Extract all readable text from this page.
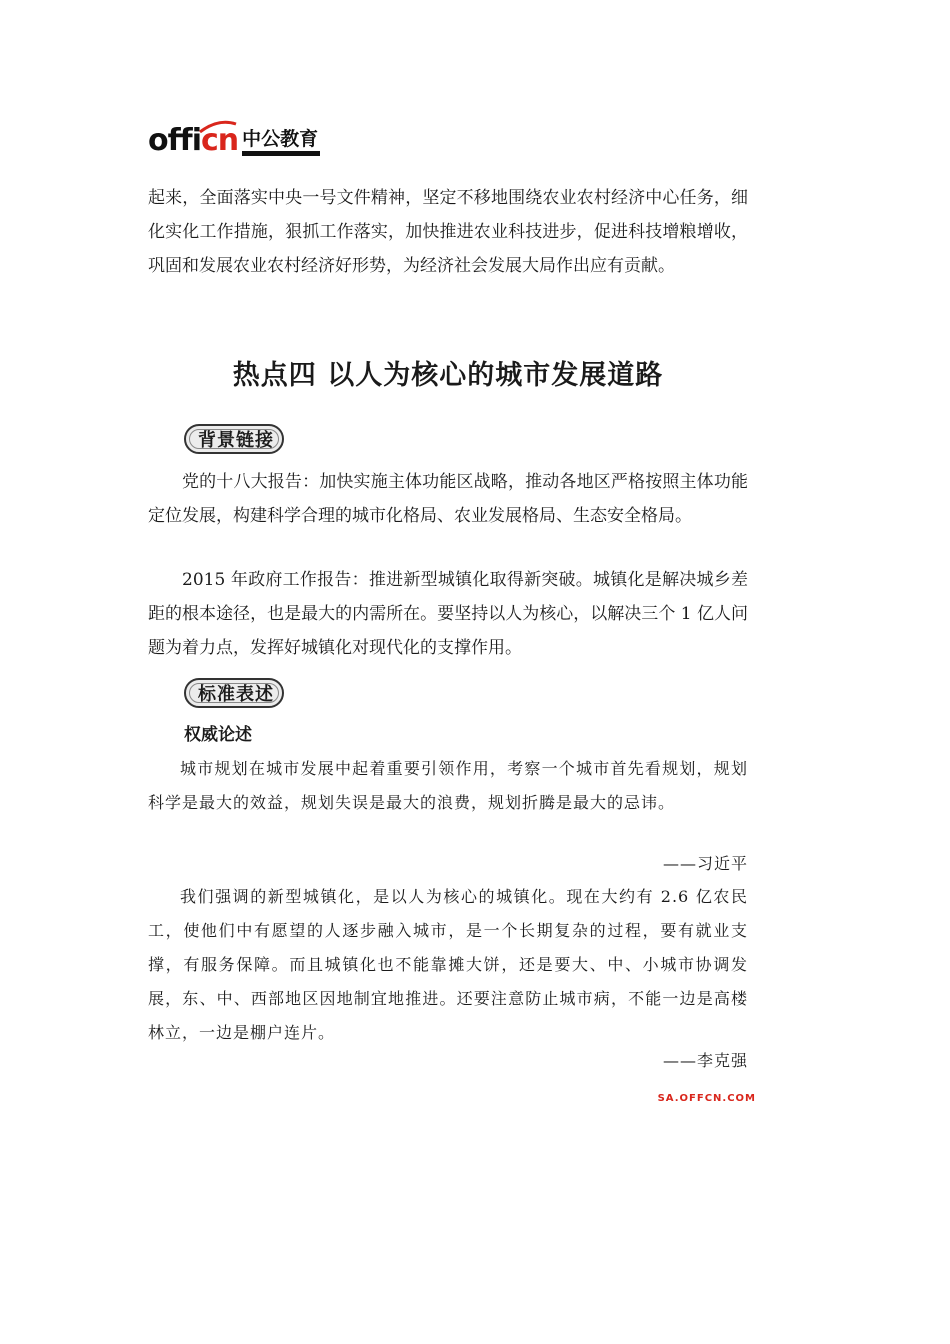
officn 中公教育

起来，全面落实中央一号文件精神，坚定不移地围绕农业农村经济中心任务，细化实化工作措施，狠抓工作落实，加快推进农业科技进步，促进科技增粮增收，巩固和发展农业农村经济好形势，为经济社会发展大局作出应有贡献。

热点四 以人为核心的城市发展道路
背景链接

党的十八大报告：加快实施主体功能区战略，推动各地区严格按照主体功能定位发展，构建科学合理的城市化格局、农业发展格局、生态安全格局。

2015 年政府工作报告：推进新型城镇化取得新突破。城镇化是解决城乡差距的根本途径，也是最大的内需所在。要坚持以人为核心，以解决三个 1 亿人问题为着力点，发挥好城镇化对现代化的支撑作用。

标准表述
权威论述

城市规划在城市发展中起着重要引领作用，考察一个城市首先看规划，规划科学是最大的效益，规划失误是最大的浪费，规划折腾是最大的忌讳。

——习近平

我们强调的新型城镇化，是以人为核心的城镇化。现在大约有 2.6 亿农民工，使他们中有愿望的人逐步融入城市，是一个长期复杂的过程，要有就业支撑，有服务保障。而且城镇化也不能靠摊大饼，还是要大、中、小城市协调发展，东、中、西部地区因地制宜地推进。还要注意防止城市病，不能一边是高楼林立，一边是棚户连片。

——李克强
SA.OFFCN.COM
